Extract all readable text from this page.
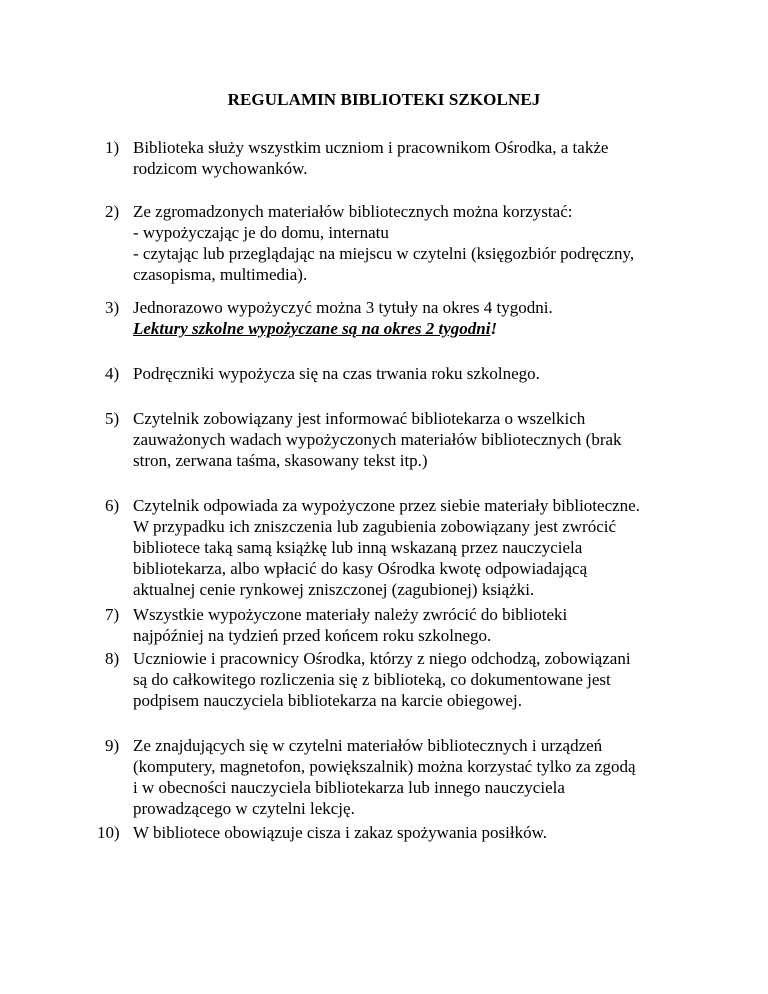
REGULAMIN BIBLIOTEKI SZKOLNEJ
1) Biblioteka służy wszystkim uczniom i pracownikom Ośrodka, a także

rodzicom wychowanków.

2) Ze zgromadzonych materiałów bibliotecznych można korzystać:

- wypożyczając je do domu, internatu

- czytając lub przeglądając na miejscu w czytelni (księgozbiór podręczny,

czasopisma, multimedia).

3) Jednorazowo wypożyczyć można 3 tytuły na okres 4 tygodni.

Lektury szkolne wypożyczane są na okres 2 tygodni!

4) Podręczniki wypożycza się na czas trwania roku szkolnego.

5) Czytelnik zobowiązany jest informować bibliotekarza o wszelkich

zauważonych wadach wypożyczonych materiałów bibliotecznych (brak

stron, zerwana taśma, skasowany tekst itp.)

6) Czytelnik odpowiada za wypożyczone przez siebie materiały biblioteczne.

W przypadku ich zniszczenia lub zagubienia zobowiązany jest zwrócić

bibliotece taką samą książkę lub inną wskazaną przez nauczyciela

bibliotekarza, albo wpłacić do kasy Ośrodka kwotę odpowiadającą

aktualnej cenie rynkowej zniszczonej (zagubionej) książki.

7) Wszystkie wypożyczone materiały należy zwrócić do biblioteki

najpóźniej na tydzień przed końcem roku szkolnego.

8) Uczniowie i pracownicy Ośrodka, którzy z niego odchodzą, zobowiązani

są do całkowitego rozliczenia się z biblioteką, co dokumentowane jest

podpisem nauczyciela bibliotekarza na karcie obiegowej.

9) Ze znajdujących się w czytelni materiałów bibliotecznych i urządzeń

(komputery, magnetofon, powiększalnik) można korzystać tylko za zgodą

i w obecności nauczyciela bibliotekarza lub innego nauczyciela

prowadzącego w czytelni lekcję.

10) W bibliotece obowiązuje cisza i zakaz spożywania posiłków.
